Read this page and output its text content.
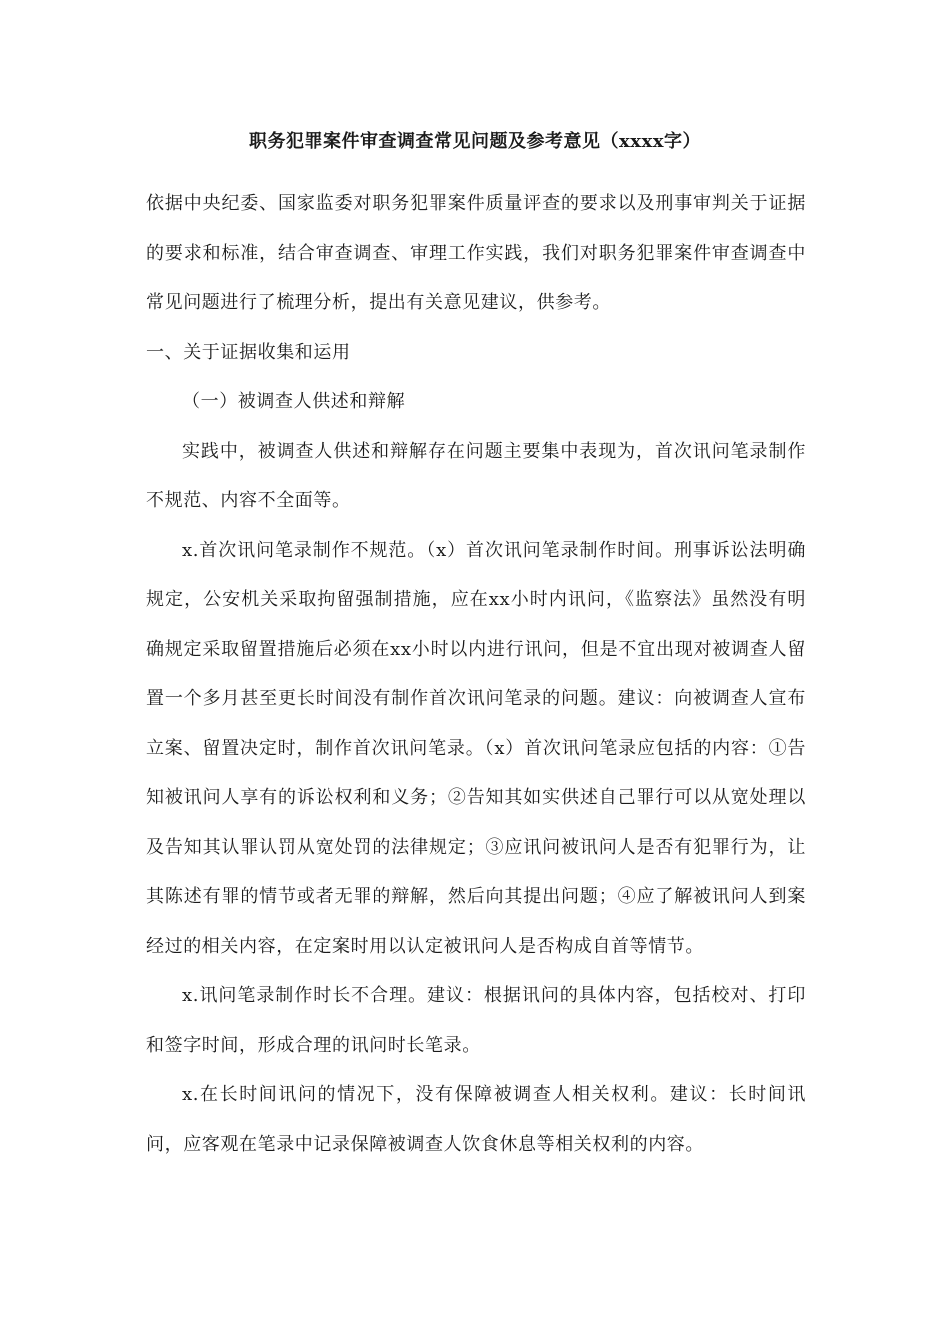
职务犯罪案件审查调查常见问题及参考意见（xxxx字）

依据中央纪委、国家监委对职务犯罪案件质量评查的要求以及刑事审判关于证据的要求和标准，结合审查调查、审理工作实践，我们对职务犯罪案件审查调查中常见问题进行了梳理分析，提出有关意见建议，供参考。

一、关于证据收集和运用

（一）被调查人供述和辩解

实践中，被调查人供述和辩解存在问题主要集中表现为，首次讯问笔录制作不规范、内容不全面等。

x.首次讯问笔录制作不规范。（x）首次讯问笔录制作时间。刑事诉讼法明确规定，公安机关采取拘留强制措施，应在xx小时内讯问，《监察法》虽然没有明确规定采取留置措施后必须在xx小时以内进行讯问，但是不宜出现对被调查人留置一个多月甚至更长时间没有制作首次讯问笔录的问题。建议：向被调查人宣布立案、留置决定时，制作首次讯问笔录。（x）首次讯问笔录应包括的内容：①告知被讯问人享有的诉讼权利和义务；②告知其如实供述自己罪行可以从宽处理以及告知其认罪认罚从宽处罚的法律规定；③应讯问被讯问人是否有犯罪行为，让其陈述有罪的情节或者无罪的辩解，然后向其提出问题；④应了解被讯问人到案经过的相关内容，在定案时用以认定被讯问人是否构成自首等情节。

x.讯问笔录制作时长不合理。建议：根据讯问的具体内容，包括校对、打印和签字时间，形成合理的讯问时长笔录。

x.在长时间讯问的情况下，没有保障被调查人相关权利。建议：长时间讯问，应客观在笔录中记录保障被调查人饮食休息等相关权利的内容。
